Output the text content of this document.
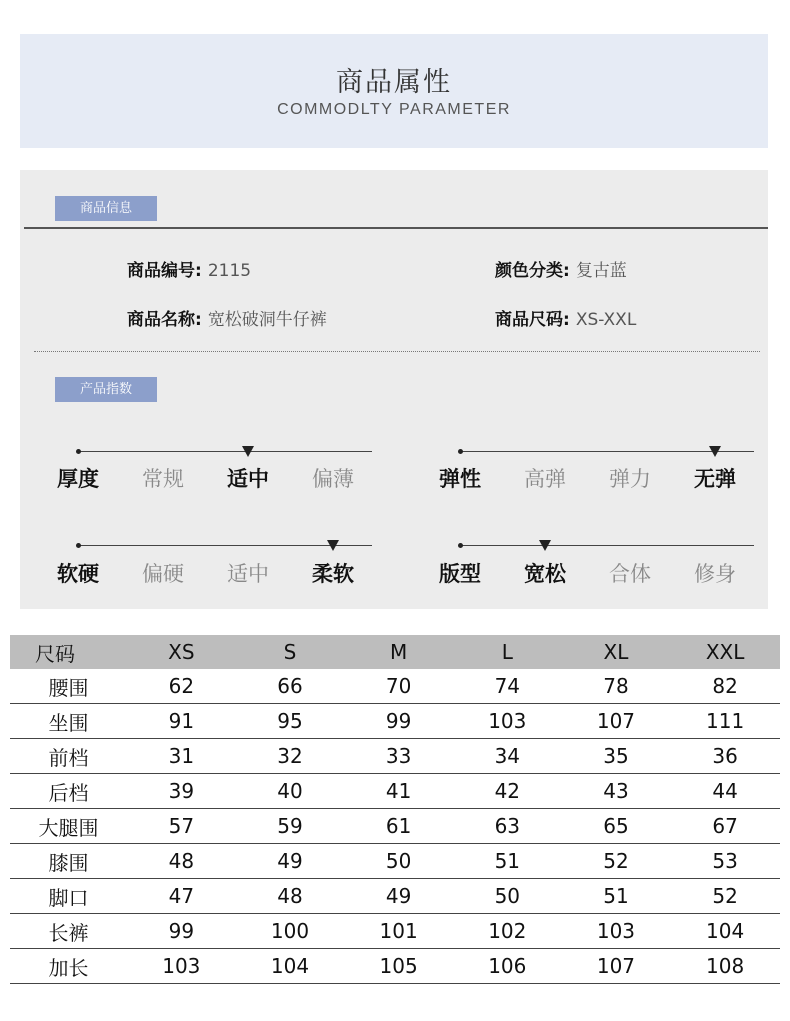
商品属性
COMMODLTY PARAMETER
商品信息
商品编号: 2115	颜色分类: 复古蓝
商品名称: 宽松破洞牛仔裤	商品尺码: XS-XXL
产品指数
厚度	常规	适中	偏薄	弹性	高弹	弹力	无弹
软硬	偏硬	适中	柔软	版型	宽松	合体	修身
尺码	XS	S	M	L	XL	XXL
腰围	62	66	70	74	78	82
坐围	91	95	99	103	107	111
前档	31	32	33	34	35	36
后档	39	40	41	42	43	44
大腿围	57	59	61	63	65	67
膝围	48	49	50	51	52	53
脚口	47	48	49	50	51	52
长裤	99	100	101	102	103	104
加长	103	104	105	106	107	108
